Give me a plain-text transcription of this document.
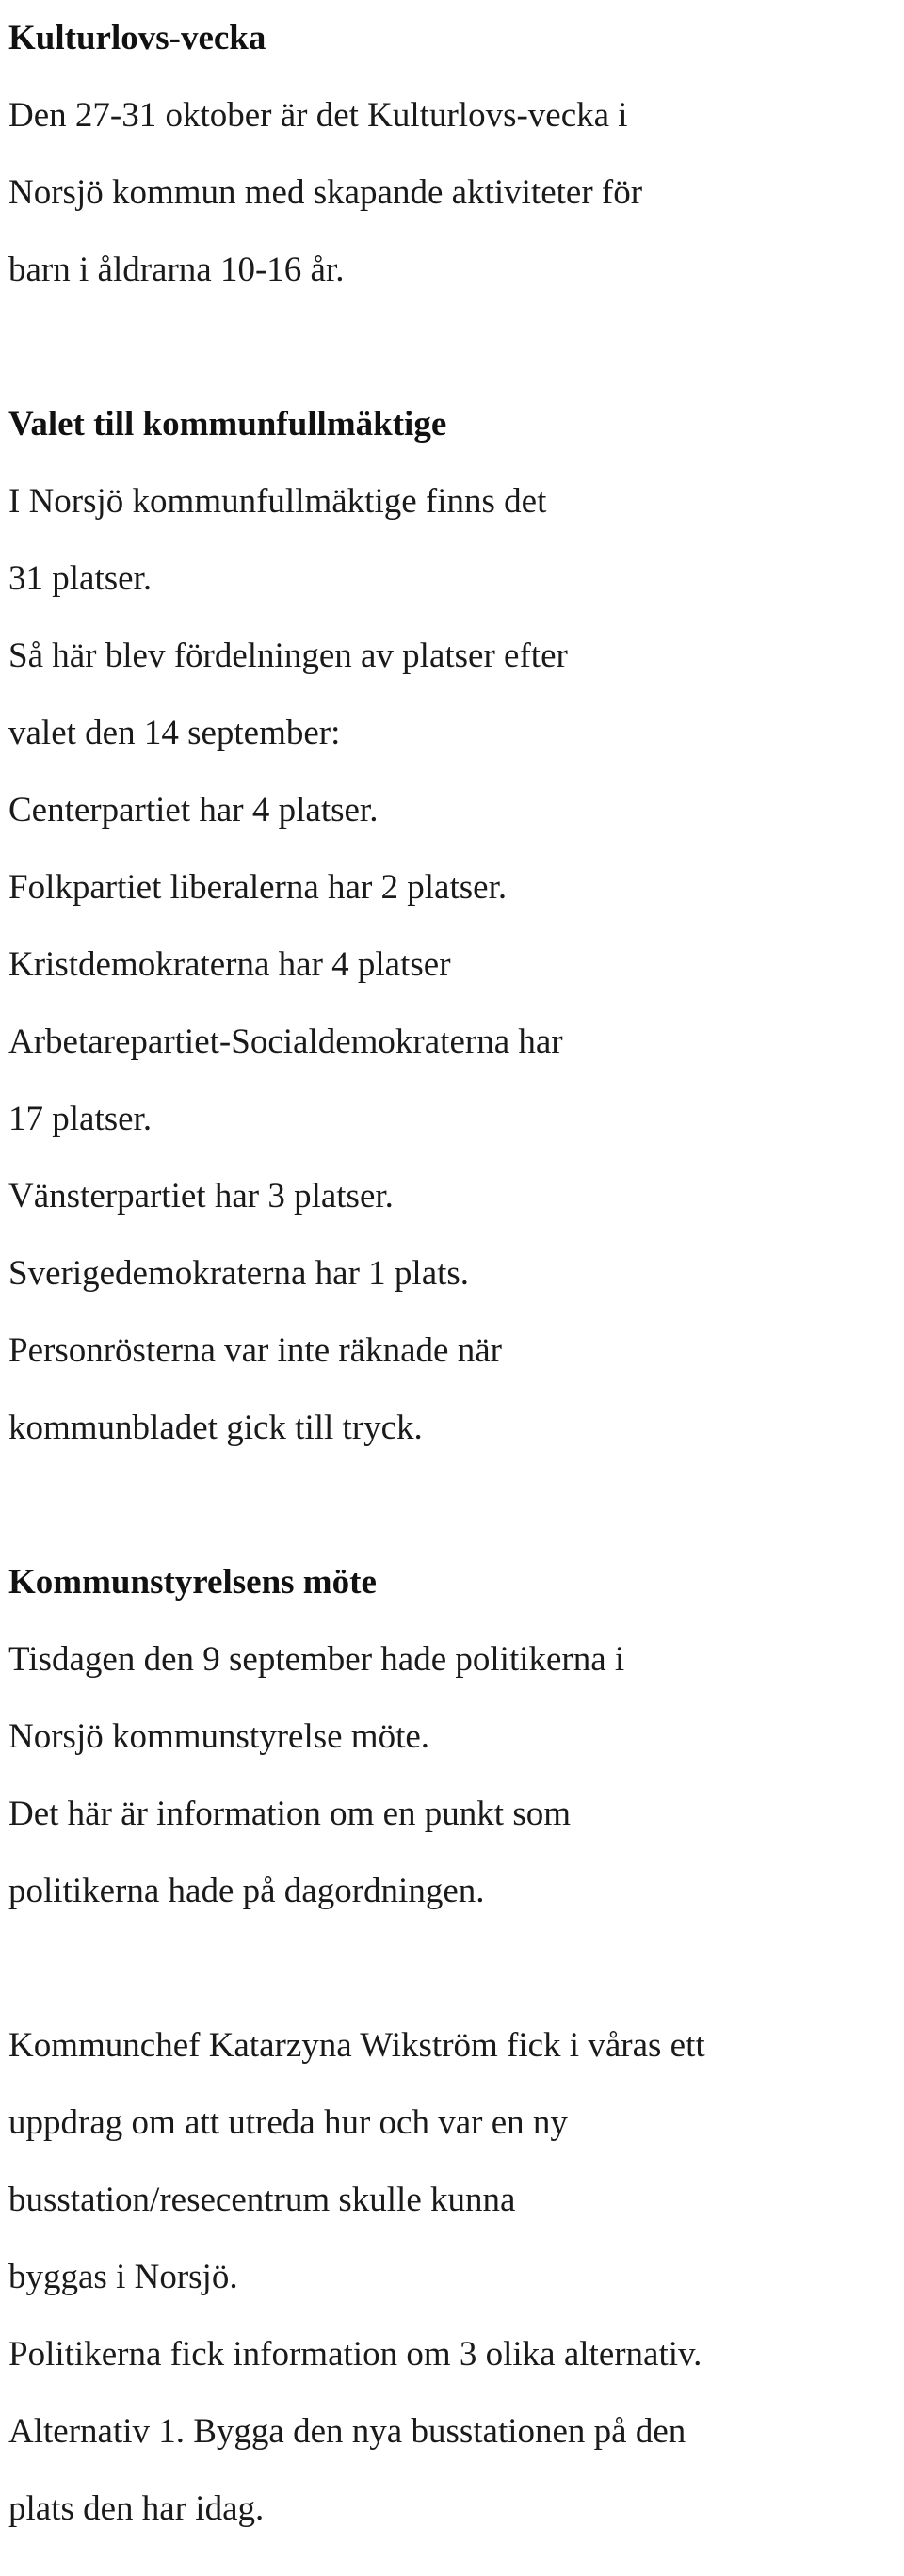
Kulturlovs-vecka

Den 27-31 oktober är det Kulturlovs-vecka i

Norsjö kommun med skapande aktiviteter för

barn i åldrarna 10-16 år.

Valet till kommunfullmäktige

I Norsjö kommunfullmäktige finns det

31 platser.

Så här blev fördelningen av platser efter

valet den 14 september:

Centerpartiet har 4 platser.

Folkpartiet liberalerna har 2 platser.

Kristdemokraterna har 4 platser

Arbetarepartiet-Socialdemokraterna har

17 platser.

Vänsterpartiet har 3 platser.

Sverigedemokraterna har 1 plats.

Personrösterna var inte räknade när

kommunbladet gick till tryck.

Kommunstyrelsens möte

Tisdagen den 9 september hade politikerna i

Norsjö kommunstyrelse möte.

Det här är information om en punkt som

politikerna hade på dagordningen.

Kommunchef Katarzyna Wikström fick i våras ett

uppdrag om att utreda hur och var en ny

busstation/resecentrum skulle kunna

byggas i Norsjö.

Politikerna fick information om 3 olika alternativ.

Alternativ 1. Bygga den nya busstationen på den

plats den har idag.
